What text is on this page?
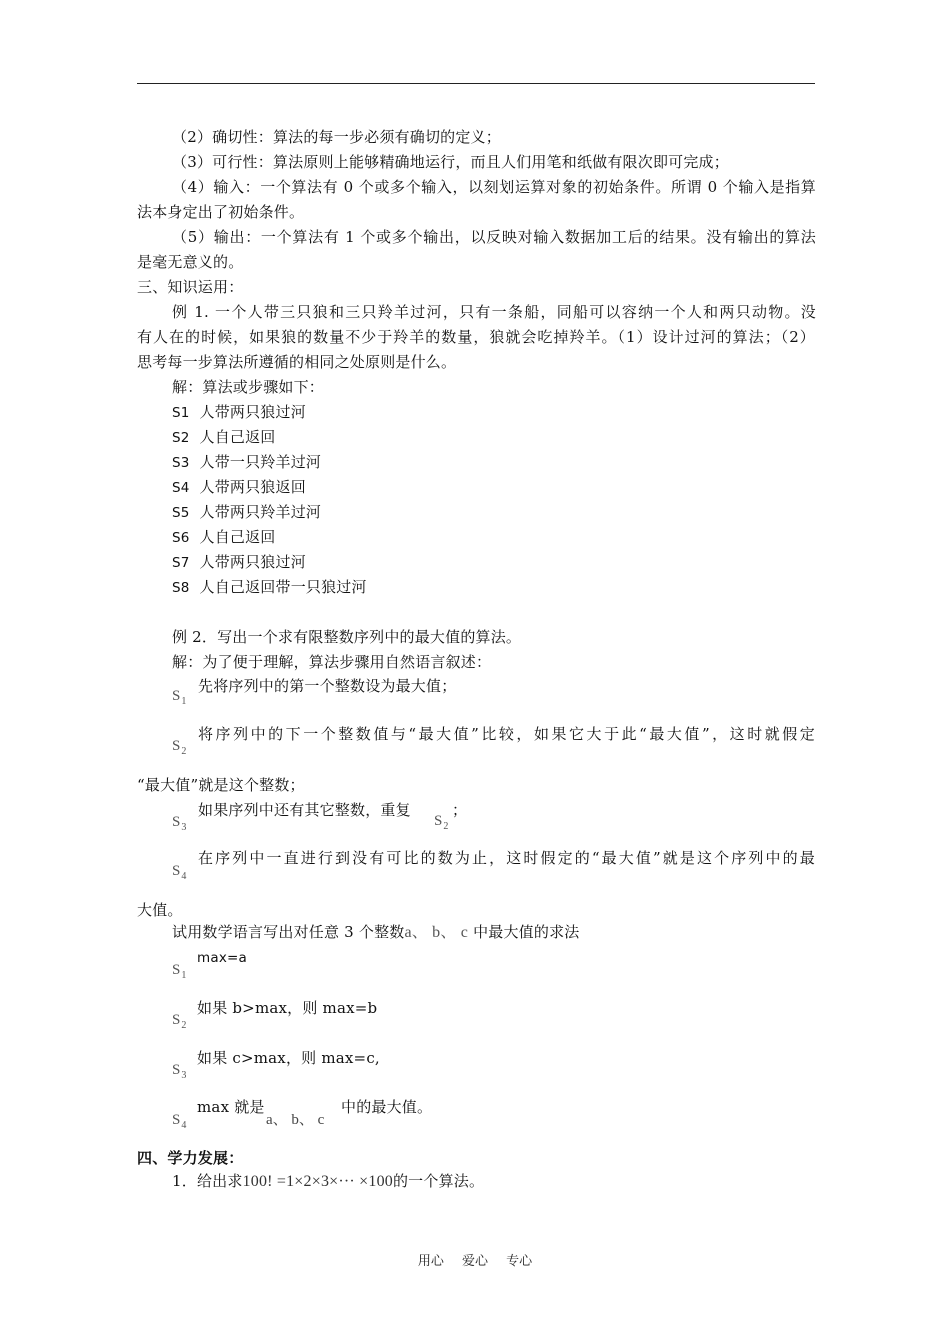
（2）确切性：算法的每一步必须有确切的定义；
（3）可行性：算法原则上能够精确地运行，而且人们用笔和纸做有限次即可完成；
（4）输入：一个算法有 0 个或多个输入，以刻划运算对象的初始条件。所谓 0 个输入是指算
法本身定出了初始条件。
（5）输出：一个算法有 1 个或多个输出，以反映对输入数据加工后的结果。没有输出的算法
是毫无意义的。
三、知识运用：
例 1. 一个人带三只狼和三只羚羊过河，只有一条船，同船可以容纳一个人和两只动物。没
有人在的时候，如果狼的数量不少于羚羊的数量，狼就会吃掉羚羊。（1）设计过河的算法；（2）
思考每一步算法所遵循的相同之处原则是什么。
解：算法或步骤如下：
S1 人带两只狼过河
S2 人自己返回
S3 人带一只羚羊过河
S4 人带两只狼返回
S5 人带两只羚羊过河
S6 人自己返回
S7 人带两只狼过河
S8 人自己返回带一只狼过河
例 2．写出一个求有限整数序列中的最大值的算法。
解：为了便于理解，算法步骤用自然语言叙述：
$S_1$
先将序列中的第一个整数设为最大值；
$S_2$
将序列中的下一个整数值与“最大值”比较，如果它大于此“最大值”，这时就假定
“最大值”就是这个整数；
$S_3$
如果序列中还有其它整数，重复
$S_2$
；
$S_4$
在序列中一直进行到没有可比的数为止，这时假定的“最大值”就是这个序列中的最
大值。
试用数学语言写出对任意 3 个整数a、 b、 c 中最大值的求法
$S_1$
max=a
$S_2$
如果 b>max，则 max=b
$S_3$
如果 c>max，则 max=c,
$S_4$
max 就是
a、 b、 c
中的最大值。
四、学力发展：
1．给出求100! =1×2×3×··· ×100的一个算法。
用心 爱心 专心
